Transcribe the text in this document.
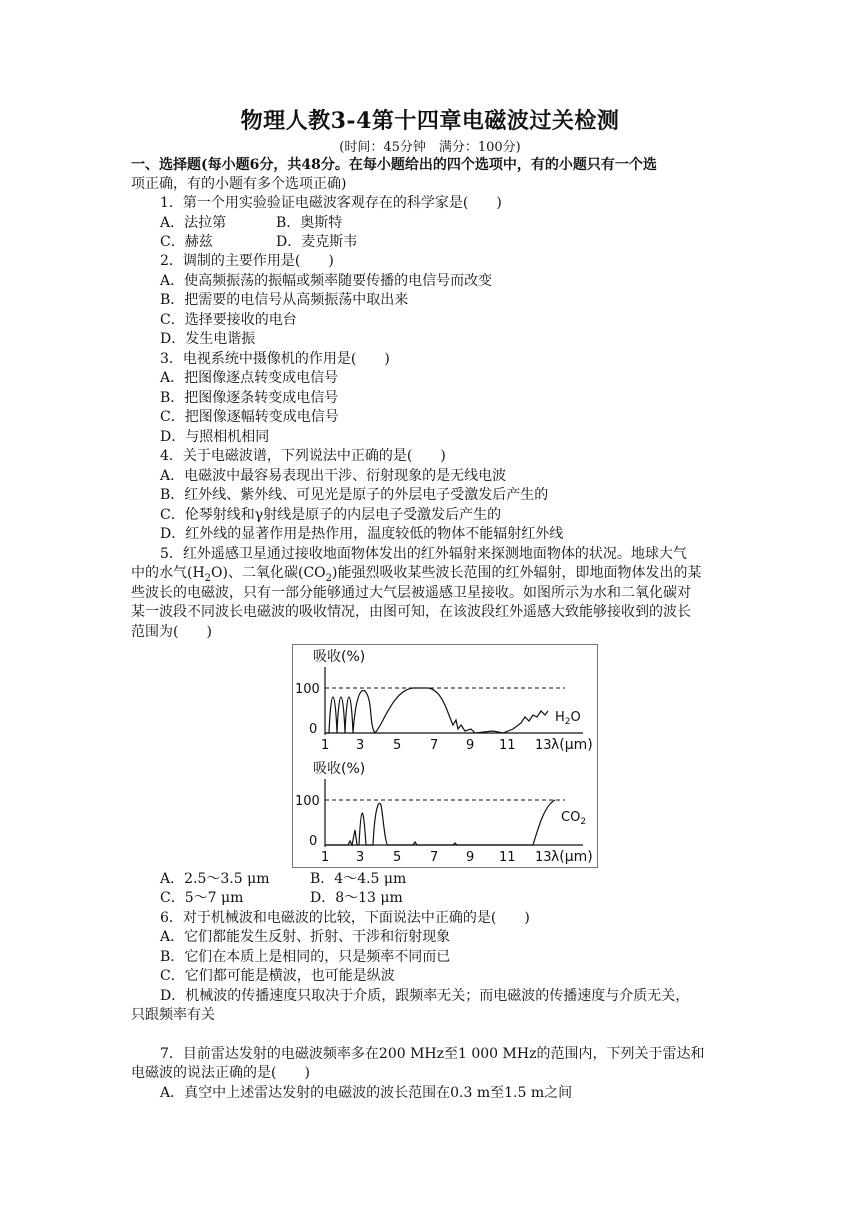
物理人教3-4第十四章电磁波过关检测
(时间：45分钟　满分：100分)
一、选择题(每小题6分，共48分。在每小题给出的四个选项中，有的小题只有一个选
项正确，有的小题有多个选项正确)
1．第一个用实验验证电磁波客观存在的科学家是(　　)
A．法拉第	B．奥斯特
C．赫兹	D．麦克斯韦
2．调制的主要作用是(　　)
A．使高频振荡的振幅或频率随要传播的电信号而改变
B．把需要的电信号从高频振荡中取出来
C．选择要接收的电台
D．发生电谐振
3．电视系统中摄像机的作用是(　　)
A．把图像逐点转变成电信号
B．把图像逐条转变成电信号
C．把图像逐幅转变成电信号
D．与照相机相同
4．关于电磁波谱，下列说法中正确的是(　　)
A．电磁波中最容易表现出干涉、衍射现象的是无线电波
B．红外线、紫外线、可见光是原子的外层电子受激发后产生的
C．伦琴射线和γ射线是原子的内层电子受激发后产生的
D．红外线的显著作用是热作用，温度较低的物体不能辐射红外线
5．红外遥感卫星通过接收地面物体发出的红外辐射来探测地面物体的状况。地球大气
中的水气$(H_2O)$、二氧化碳$(CO_2)$能强烈吸收某些波长范围的红外辐射，即地面物体发出的某
些波长的电磁波，只有一部分能够通过大气层被遥感卫星接收。如图所示为水和二氧化碳对
某一波段不同波长电磁波的吸收情况，由图可知，在该波段红外遥感大致能够接收到的波长
范围为(　　)
吸收(%)
100
0
$H_2O$
1 3 5 7 9 11 13 λ(μm)
吸收(%)
100
0
$CO_2$
1 3 5 7 9 11 13 λ(μm)
A．2.5～3.5 μm	B．4～4.5 μm
C．5～7 μm	D．8～13 μm
6．对于机械波和电磁波的比较，下面说法中正确的是(　　)
A．它们都能发生反射、折射、干涉和衍射现象
B．它们在本质上是相同的，只是频率不同而已
C．它们都可能是横波，也可能是纵波
D．机械波的传播速度只取决于介质，跟频率无关；而电磁波的传播速度与介质无关，
只跟频率有关
7．目前雷达发射的电磁波频率多在200 MHz至1 000 MHz的范围内，下列关于雷达和
电磁波的说法正确的是(　　)
A．真空中上述雷达发射的电磁波的波长范围在0.3 m至1.5 m之间
